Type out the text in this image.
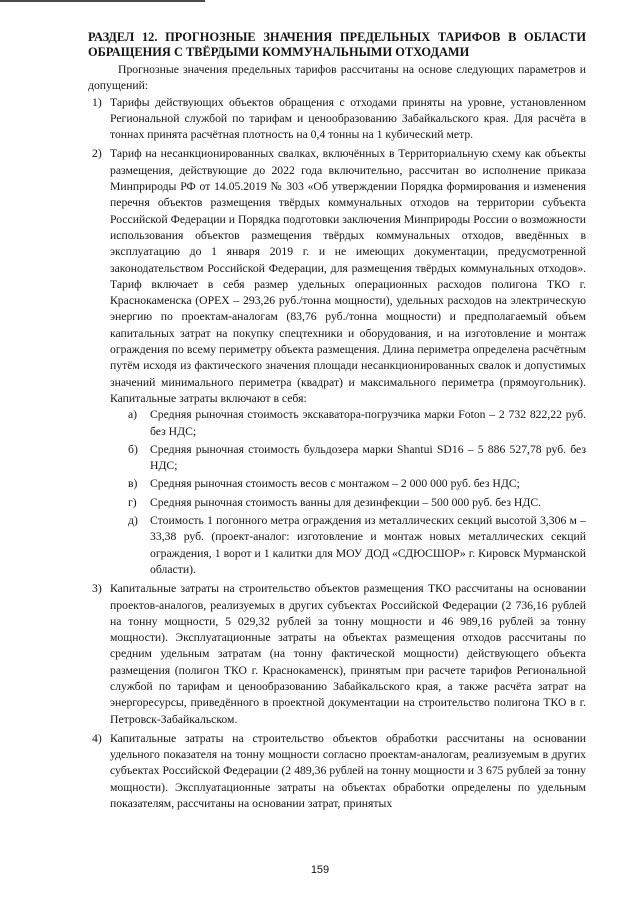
РАЗДЕЛ 12. ПРОГНОЗНЫЕ ЗНАЧЕНИЯ ПРЕДЕЛЬНЫХ ТАРИФОВ В ОБЛАСТИ ОБРАЩЕНИЯ С ТВЁРДЫМИ КОММУНАЛЬНЫМИ ОТХОДАМИ

Прогнозные значения предельных тарифов рассчитаны на основе следующих параметров и допущений:

1) Тарифы действующих объектов обращения с отходами приняты на уровне, установленном Региональной службой по тарифам и ценообразованию Забайкальского края. Для расчёта в тоннах принята расчётная плотность на 0,4 тонны на 1 кубический метр.

2) Тариф на несанкционированных свалках, включённых в Территориальную схему как объекты размещения, действующие до 2022 года включительно, рассчитан во исполнение приказа Минприроды РФ от 14.05.2019 № 303 «Об утверждении Порядка формирования и изменения перечня объектов размещения твёрдых коммунальных отходов на территории субъекта Российской Федерации и Порядка подготовки заключения Минприроды России о возможности использования объектов размещения твёрдых коммунальных отходов, введённых в эксплуатацию до 1 января 2019 г. и не имеющих документации, предусмотренной законодательством Российской Федерации, для размещения твёрдых коммунальных отходов». Тариф включает в себя размер удельных операционных расходов полигона ТКО г. Краснокаменска (OPEX – 293,26 руб./тонна мощности), удельных расходов на электрическую энергию по проектам-аналогам (83,76 руб./тонна мощности) и предполагаемый объем капитальных затрат на покупку спецтехники и оборудования, и на изготовление и монтаж ограждения по всему периметру объекта размещения. Длина периметра определена расчётным путём исходя из фактического значения площади несанкционированных свалок и допустимых значений минимального периметра (квадрат) и максимального периметра (прямоугольник). Капитальные затраты включают в себя:

а) Средняя рыночная стоимость экскаватора-погрузчика марки Foton – 2 732 822,22 руб. без НДС;

б) Средняя рыночная стоимость бульдозера марки Shantui SD16 – 5 886 527,78 руб. без НДС;

в) Средняя рыночная стоимость весов с монтажом – 2 000 000 руб. без НДС;

г) Средняя рыночная стоимость ванны для дезинфекции – 500 000 руб. без НДС.

д) Стоимость 1 погонного метра ограждения из металлических секций высотой 3,306 м – 33,38 руб. (проект-аналог: изготовление и монтаж новых металлических секций ограждения, 1 ворот и 1 калитки для МОУ ДОД «СДЮСШОР» г. Кировск Мурманской области).

3) Капитальные затраты на строительство объектов размещения ТКО рассчитаны на основании проектов-аналогов, реализуемых в других субъектах Российской Федерации (2 736,16 рублей на тонну мощности, 5 029,32 рублей за тонну мощности и 46 989,16 рублей за тонну мощности). Эксплуатационные затраты на объектах размещения отходов рассчитаны по средним удельным затратам (на тонну фактической мощности) действующего объекта размещения (полигон ТКО г. Краснокаменск), принятым при расчете тарифов Региональной службой по тарифам и ценообразованию Забайкальского края, а также расчёта затрат на энергоресурсы, приведённого в проектной документации на строительство полигона ТКО в г. Петровск-Забайкальском.

4) Капитальные затраты на строительство объектов обработки рассчитаны на основании удельного показателя на тонну мощности согласно проектам-аналогам, реализуемым в других субъектах Российской Федерации (2 489,36 рублей на тонну мощности и 3 675 рублей за тонну мощности). Эксплуатационные затраты на объектах обработки определены по удельным показателям, рассчитаны на основании затрат, принятых

159
